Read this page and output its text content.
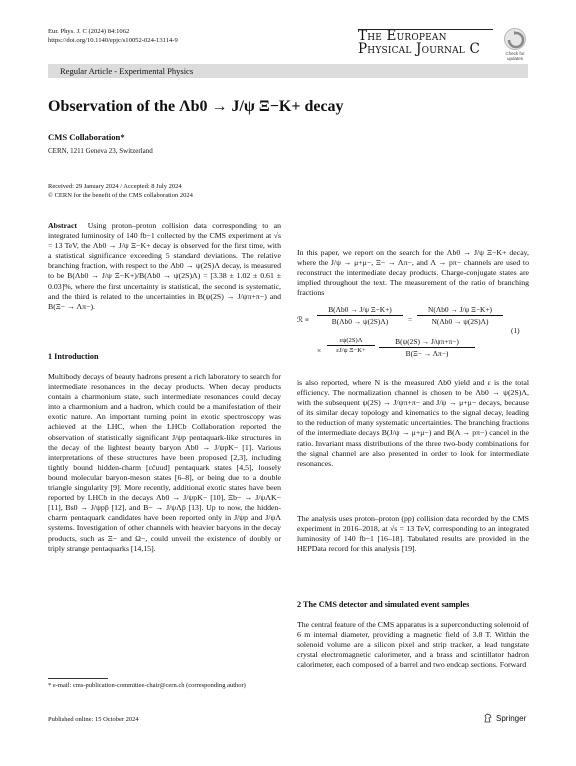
Eur. Phys. J. C (2024) 84:1062
https://doi.org/10.1140/epjc/s10052-024-13114-9	The European
Physical Journal C	Check for updates
Regular Article - Experimental Physics
Observation of the Λb0 → J/ψ Ξ−K+ decay
CMS Collaboration*
CERN, 1211 Geneva 23, Switzerland
Received: 29 January 2024 / Accepted: 8 July 2024
© CERN for the benefit of the CMS collaboration 2024
Abstract Using proton–proton collision data corresponding to an integrated luminosity of 140 fb−1 collected by the CMS experiment at √s = 13 TeV, the Λb0 → J/ψ Ξ−K+ decay is observed for the first time, with a statistical significance exceeding 5 standard deviations. The relative branching fraction, with respect to the Λb0 → ψ(2S)Λ decay, is measured to be B(Λb0 → J/ψ Ξ−K+)/B(Λb0 → ψ(2S)Λ) = [3.38 ± 1.02 ± 0.61 ± 0.03]%, where the first uncertainty is statistical, the second is systematic, and the third is related to the uncertainties in B(ψ(2S) → J/ψπ+π−) and B(Ξ− → Λπ−).
1 Introduction
Multibody decays of beauty hadrons present a rich laboratory to search for intermediate resonances in the decay products. When decay products contain a charmonium state, such intermediate resonances could decay into a charmonium and a hadron, which could be a manifestation of their exotic nature. An important turning point in exotic spectroscopy was achieved at the LHC, when the LHCb Collaboration reported the observation of statistically significant J/ψp pentaquark-like structures in the decay of the lightest beauty baryon Λb0 → J/ψpK− [1]. Various interpretations of these structures have been proposed [2,3], including tightly bound hidden-charm [cc̄uud] pentaquark states [4,5], loosely bound molecular baryon-meson states [6–8], or being due to a double triangle singularity [9]. More recently, additional exotic states have been reported by LHCb in the decays Λb0 → J/ψpK− [10], Ξb− → J/ψΛK− [11], Bs0 → J/ψpp̄ [12], and B− → J/ψΛp̄ [13]. Up to now, the hidden-charm pentaquark candidates have been reported only in J/ψp and J/ψΛ systems. Investigation of other channels with heavier baryons in the decay products, such as Ξ− and Ω−, could unveil the existence of doubly or triply strange pentaquarks [14,15].
* e-mail: cms-publication-committee-chair@cern.ch (corresponding author)
In this paper, we report on the search for the Λb0 → J/ψ Ξ−K+ decay, where the J/ψ → μ+μ−, Ξ− → Λπ−, and Λ → pπ− channels are used to reconstruct the intermediate decay products. Charge-conjugate states are implied throughout the text. The measurement of the ratio of branching fractions
ℛ ≡ $\frac{\text{B(Λb0 → J/ψ Ξ−K+)}}{B(\Lambda b0 \to \psi(2S)\Lambda)} = \frac{\text{N(Λb0 → J/ψ Ξ−K+)}}{N(\Lambda b0 \to \psi(2S)\Lambda)}$
(1)
× $\frac{\varepsilon\psi(2S)\Lambda}{\text{εJ/ψ Ξ−K+}} \frac{B(\psi(2S) \to J/\psi\pi+\pi-)}{B(\Xi- \to \Lambda\pi-)}$
is also reported, where N is the measured Λb0 yield and ε is the total efficiency. The normalization channel is chosen to be Λb0 → ψ(2S)Λ, with the subsequent ψ(2S) → J/ψπ+π− and J/ψ → μ+μ− decays, because of its similar decay topology and kinematics to the signal decay, leading to the reduction of many systematic uncertainties. The branching fractions of the intermediate decays B(J/ψ → μ+μ−) and B(Λ → pπ−) cancel in the ratio. Invariant mass distributions of the three two-body combinations for the signal channel are also presented in order to look for intermediate resonances.
The analysis uses proton–proton (pp) collision data recorded by the CMS experiment in 2016–2018, at √s = 13 TeV, corresponding to an integrated luminosity of 140 fb−1 [16–18]. Tabulated results are provided in the HEPData record for this analysis [19].
2 The CMS detector and simulated event samples
The central feature of the CMS apparatus is a superconducting solenoid of 6 m internal diameter, providing a magnetic field of 3.8 T. Within the solenoid volume are a silicon pixel and strip tracker, a lead tungstate crystal electromagnetic calorimeter, and a brass and scintillator hadron calorimeter, each composed of a barrel and two endcap sections. Forward
Published online: 15 October 2024	Springer
